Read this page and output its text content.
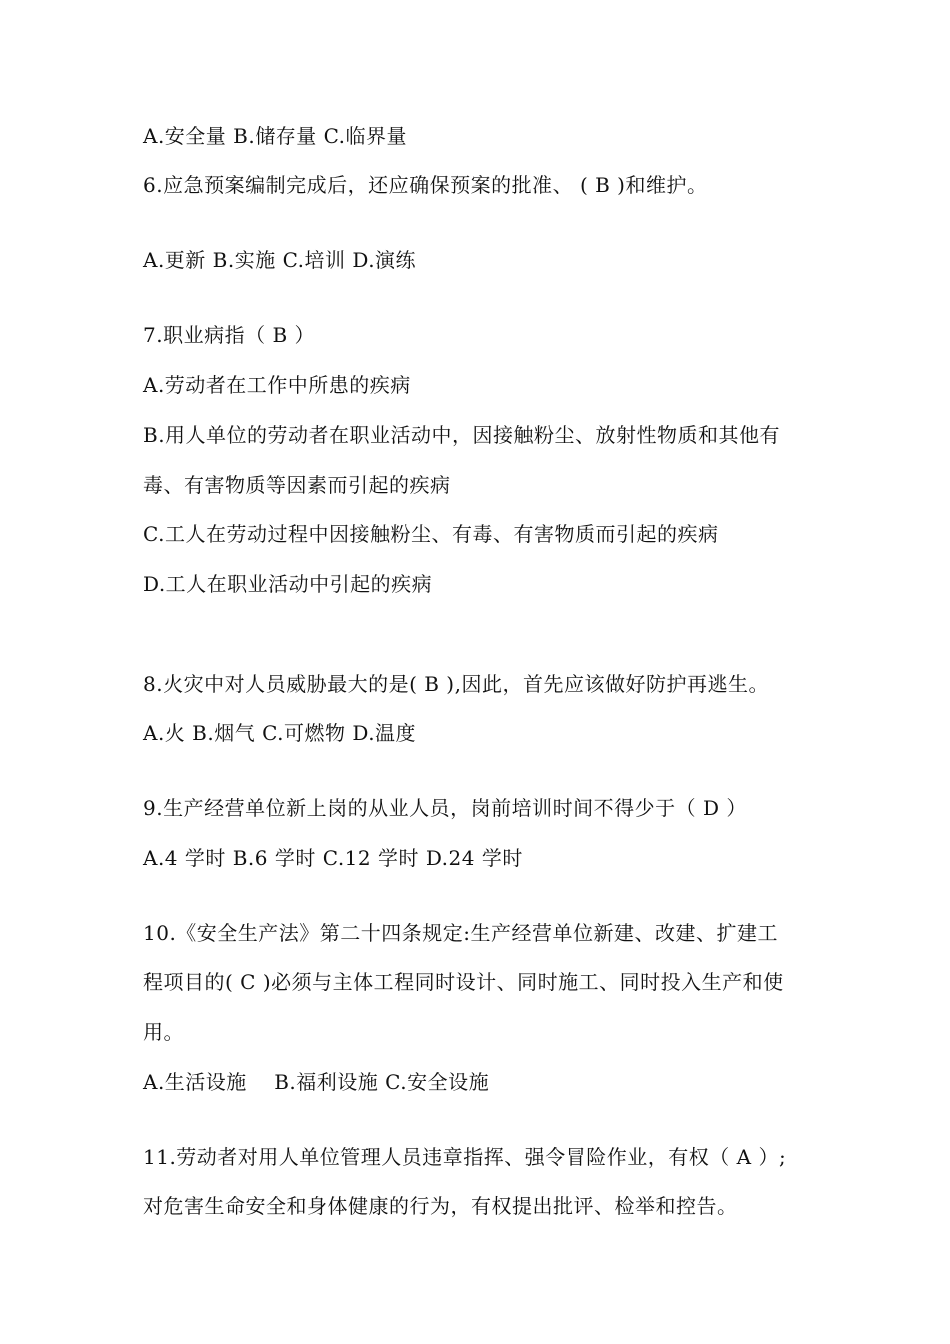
A.安全量 B.储存量 C.临界量
6.应急预案编制完成后，还应确保预案的批准、 ( B )和维护。
A.更新 B.实施 C.培训 D.演练
7.职业病指（ B ）
A.劳动者在工作中所患的疾病
B.用人单位的劳动者在职业活动中，因接触粉尘、放射性物质和其他有
毒、有害物质等因素而引起的疾病
C.工人在劳动过程中因接触粉尘、有毒、有害物质而引起的疾病
D.工人在职业活动中引起的疾病
8.火灾中对人员威胁最大的是( B ),因此，首先应该做好防护再逃生。
A.火 B.烟气 C.可燃物 D.温度
9.生产经营单位新上岗的从业人员，岗前培训时间不得少于（ D ）
A.4 学时 B.6 学时 C.12 学时 D.24 学时
10.《安全生产法》第二十四条规定:生产经营单位新建、改建、扩建工
程项目的( C )必须与主体工程同时设计、同时施工、同时投入生产和使
用。
A.生活设施    B.福利设施 C.安全设施
11.劳动者对用人单位管理人员违章指挥、强令冒险作业，有权（ A ）;
对危害生命安全和身体健康的行为，有权提出批评、检举和控告。
